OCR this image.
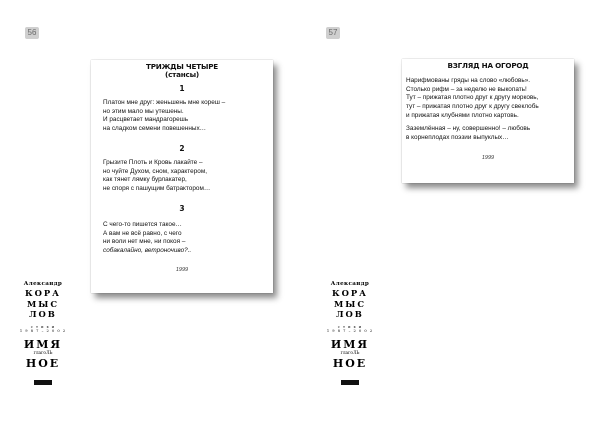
56	57
ТРИЖДЫ ЧЕТЫРЕ
(стансы)
1
Платон мне друг: женьшень мне кореш –
но этим мало мы утешены.
И расцветает мандрагорешь
на сладком семени повешенных…
2
Грызите Плоть и Кровь лакайте –
но чуйте Духом, сном, характером,
как тянет лямку бурлакатер,
не споря с пашущим батрактором…
3
С чего-то пишется такое…
А вам не всё равно, с чего
ни воли нет мне, ни покоя –
собакалайно, ветроночиво?..
1999
ВЗГЛЯД НА ОГОРОД
Нарифмованы гряды на слово «любовь».
Столько рифм – за неделю не выкопать!
Тут – прижатая плотно друг к другу морковь,
тут – прижатая плотно друг к другу свеклобь
и прижатая клубнями плотно картовь.
Заземлённая – ну, совершенно! – любовь
в корнеплодах поэзии выпуклых…
1999
Александр
КОРА
МЫС
ЛОВ
с т и х и
1 9 8 7 – 2 0 0 2
ИМЯ
глагоЛЬ
НОЕ
Александр
КОРА
МЫС
ЛОВ
с т и х и
1 9 8 7 – 2 0 0 2
ИМЯ
глагоЛЬ
НОЕ
